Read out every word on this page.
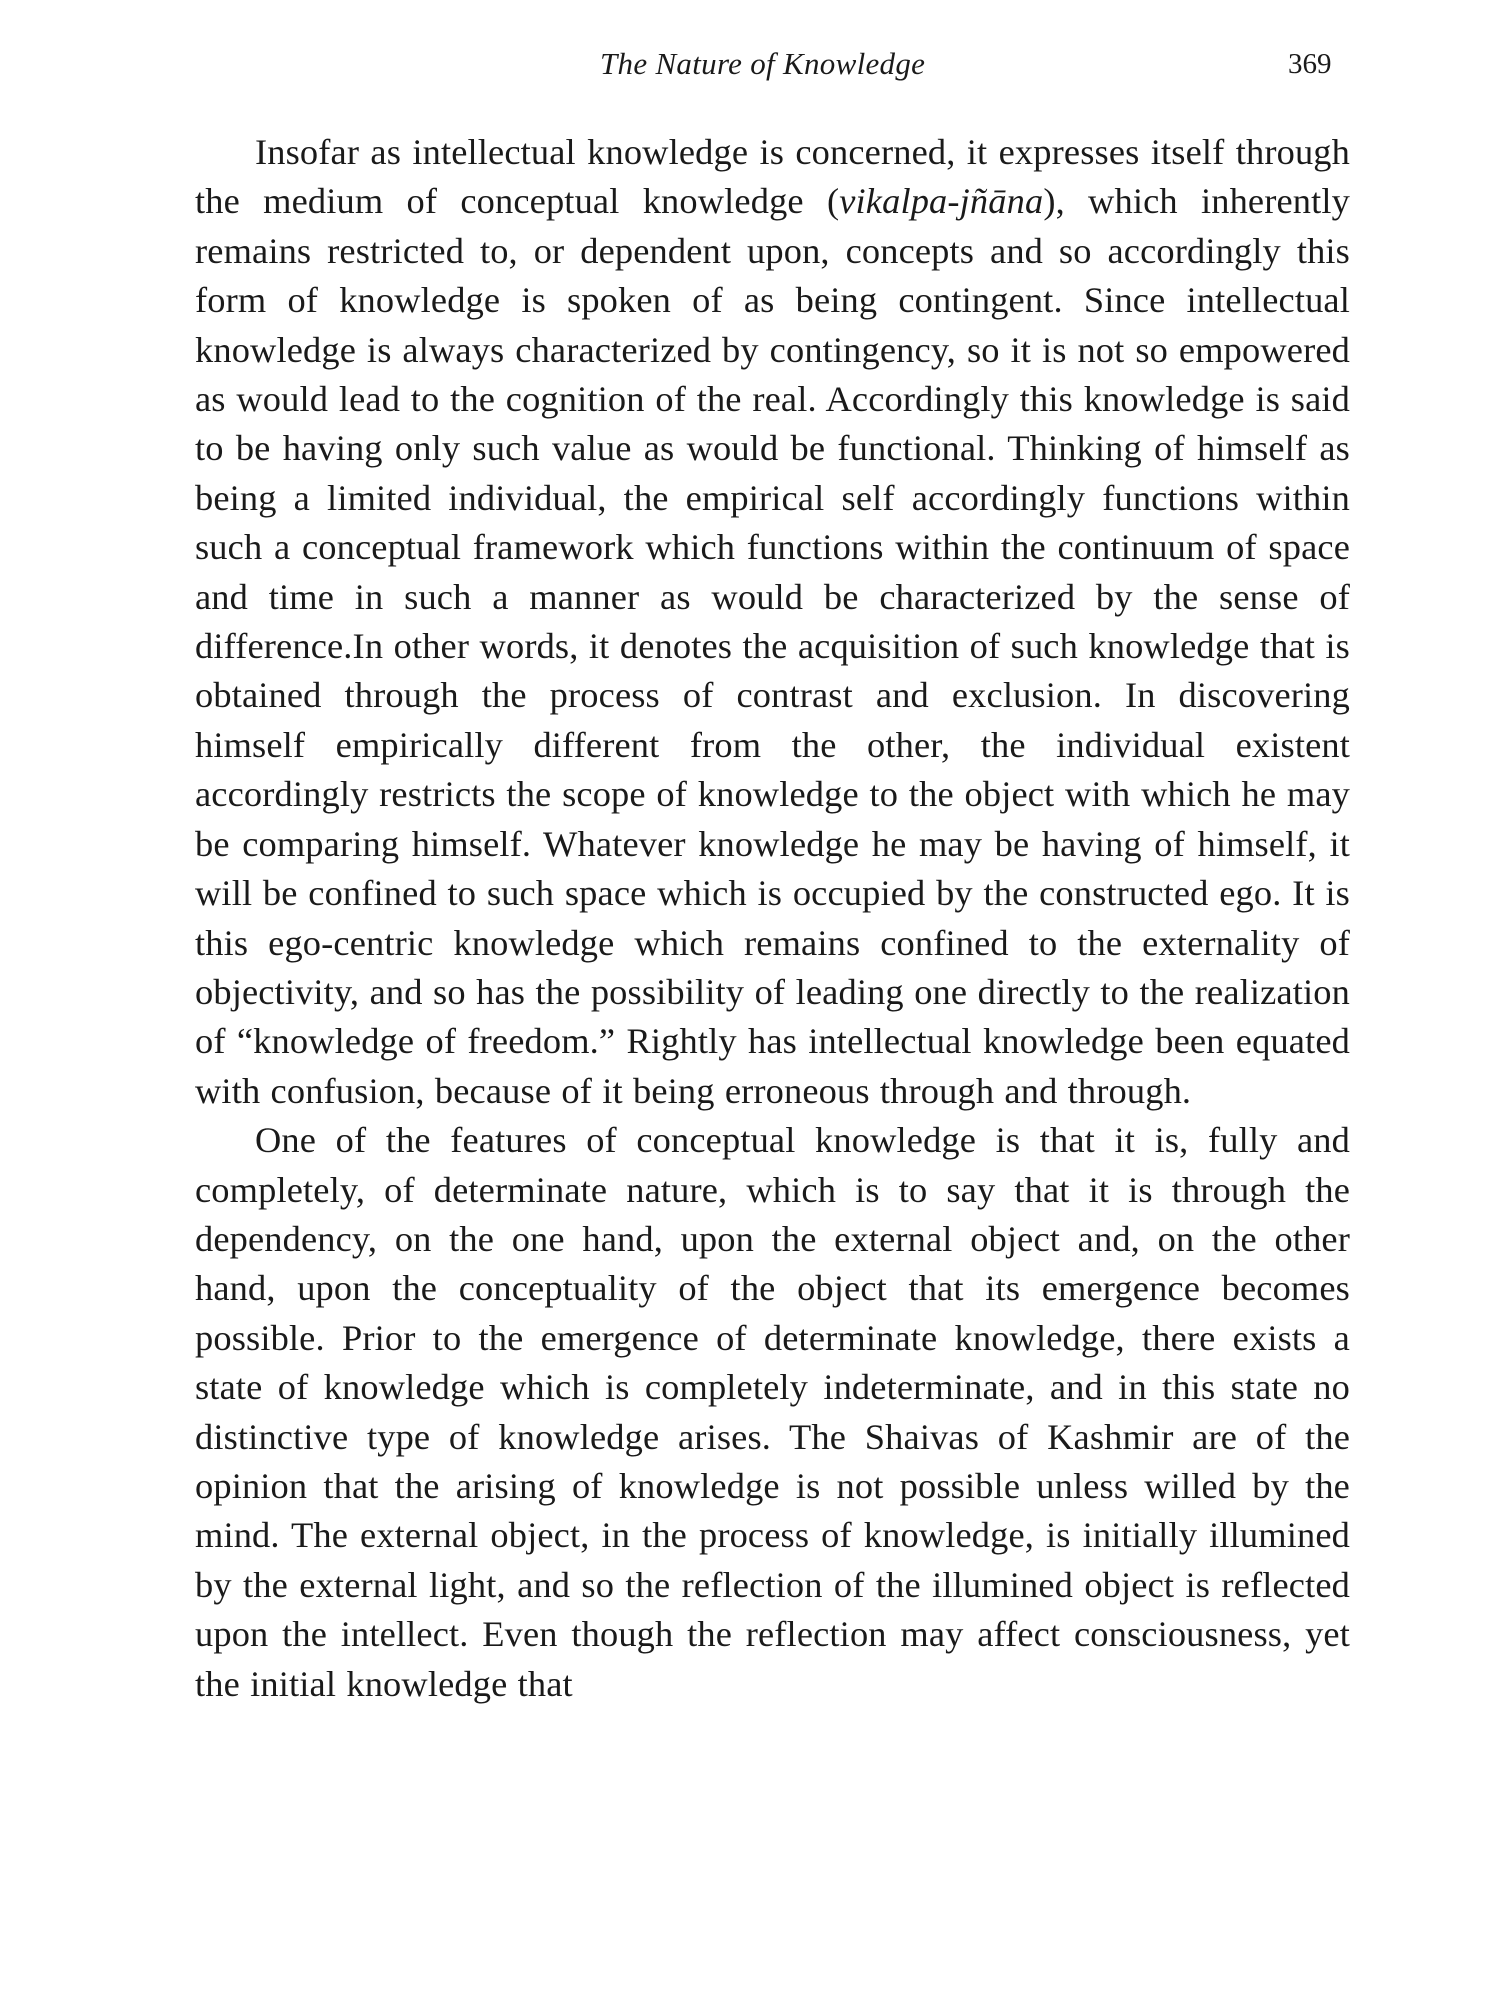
The Nature of Knowledge	369

Insofar as intellectual knowledge is concerned, it expresses itself through the medium of conceptual knowledge (vikalpa-jñāna), which inherently remains restricted to, or dependent upon, concepts and so accordingly this form of knowledge is spoken of as being contingent. Since intellectual knowledge is always characterized by contingency, so it is not so empowered as would lead to the cognition of the real. Accordingly this knowledge is said to be having only such value as would be functional. Thinking of himself as being a limited individual, the empirical self accordingly functions within such a conceptual framework which functions within the continuum of space and time in such a manner as would be characterized by the sense of difference.In other words, it denotes the acquisition of such knowledge that is obtained through the process of contrast and exclusion. In discovering himself empirically different from the other, the individual existent accordingly restricts the scope of knowledge to the object with which he may be comparing himself. Whatever knowledge he may be having of himself, it will be confined to such space which is occupied by the constructed ego. It is this ego-centric knowledge which remains confined to the externality of objectivity, and so has the possibility of leading one directly to the realization of “knowledge of freedom.” Rightly has intellectual knowledge been equated with confusion, because of it being erroneous through and through.

One of the features of conceptual knowledge is that it is, fully and completely, of determinate nature, which is to say that it is through the dependency, on the one hand, upon the external object and, on the other hand, upon the conceptuality of the object that its emergence becomes possible. Prior to the emergence of determinate knowledge, there exists a state of knowledge which is completely indeterminate, and in this state no distinctive type of knowledge arises. The Shaivas of Kashmir are of the opinion that the arising of knowledge is not possible unless willed by the mind. The external object, in the process of knowledge, is initially illumined by the external light, and so the reflection of the illumined object is reflected upon the intellect. Even though the reflection may affect consciousness, yet the initial knowledge that
